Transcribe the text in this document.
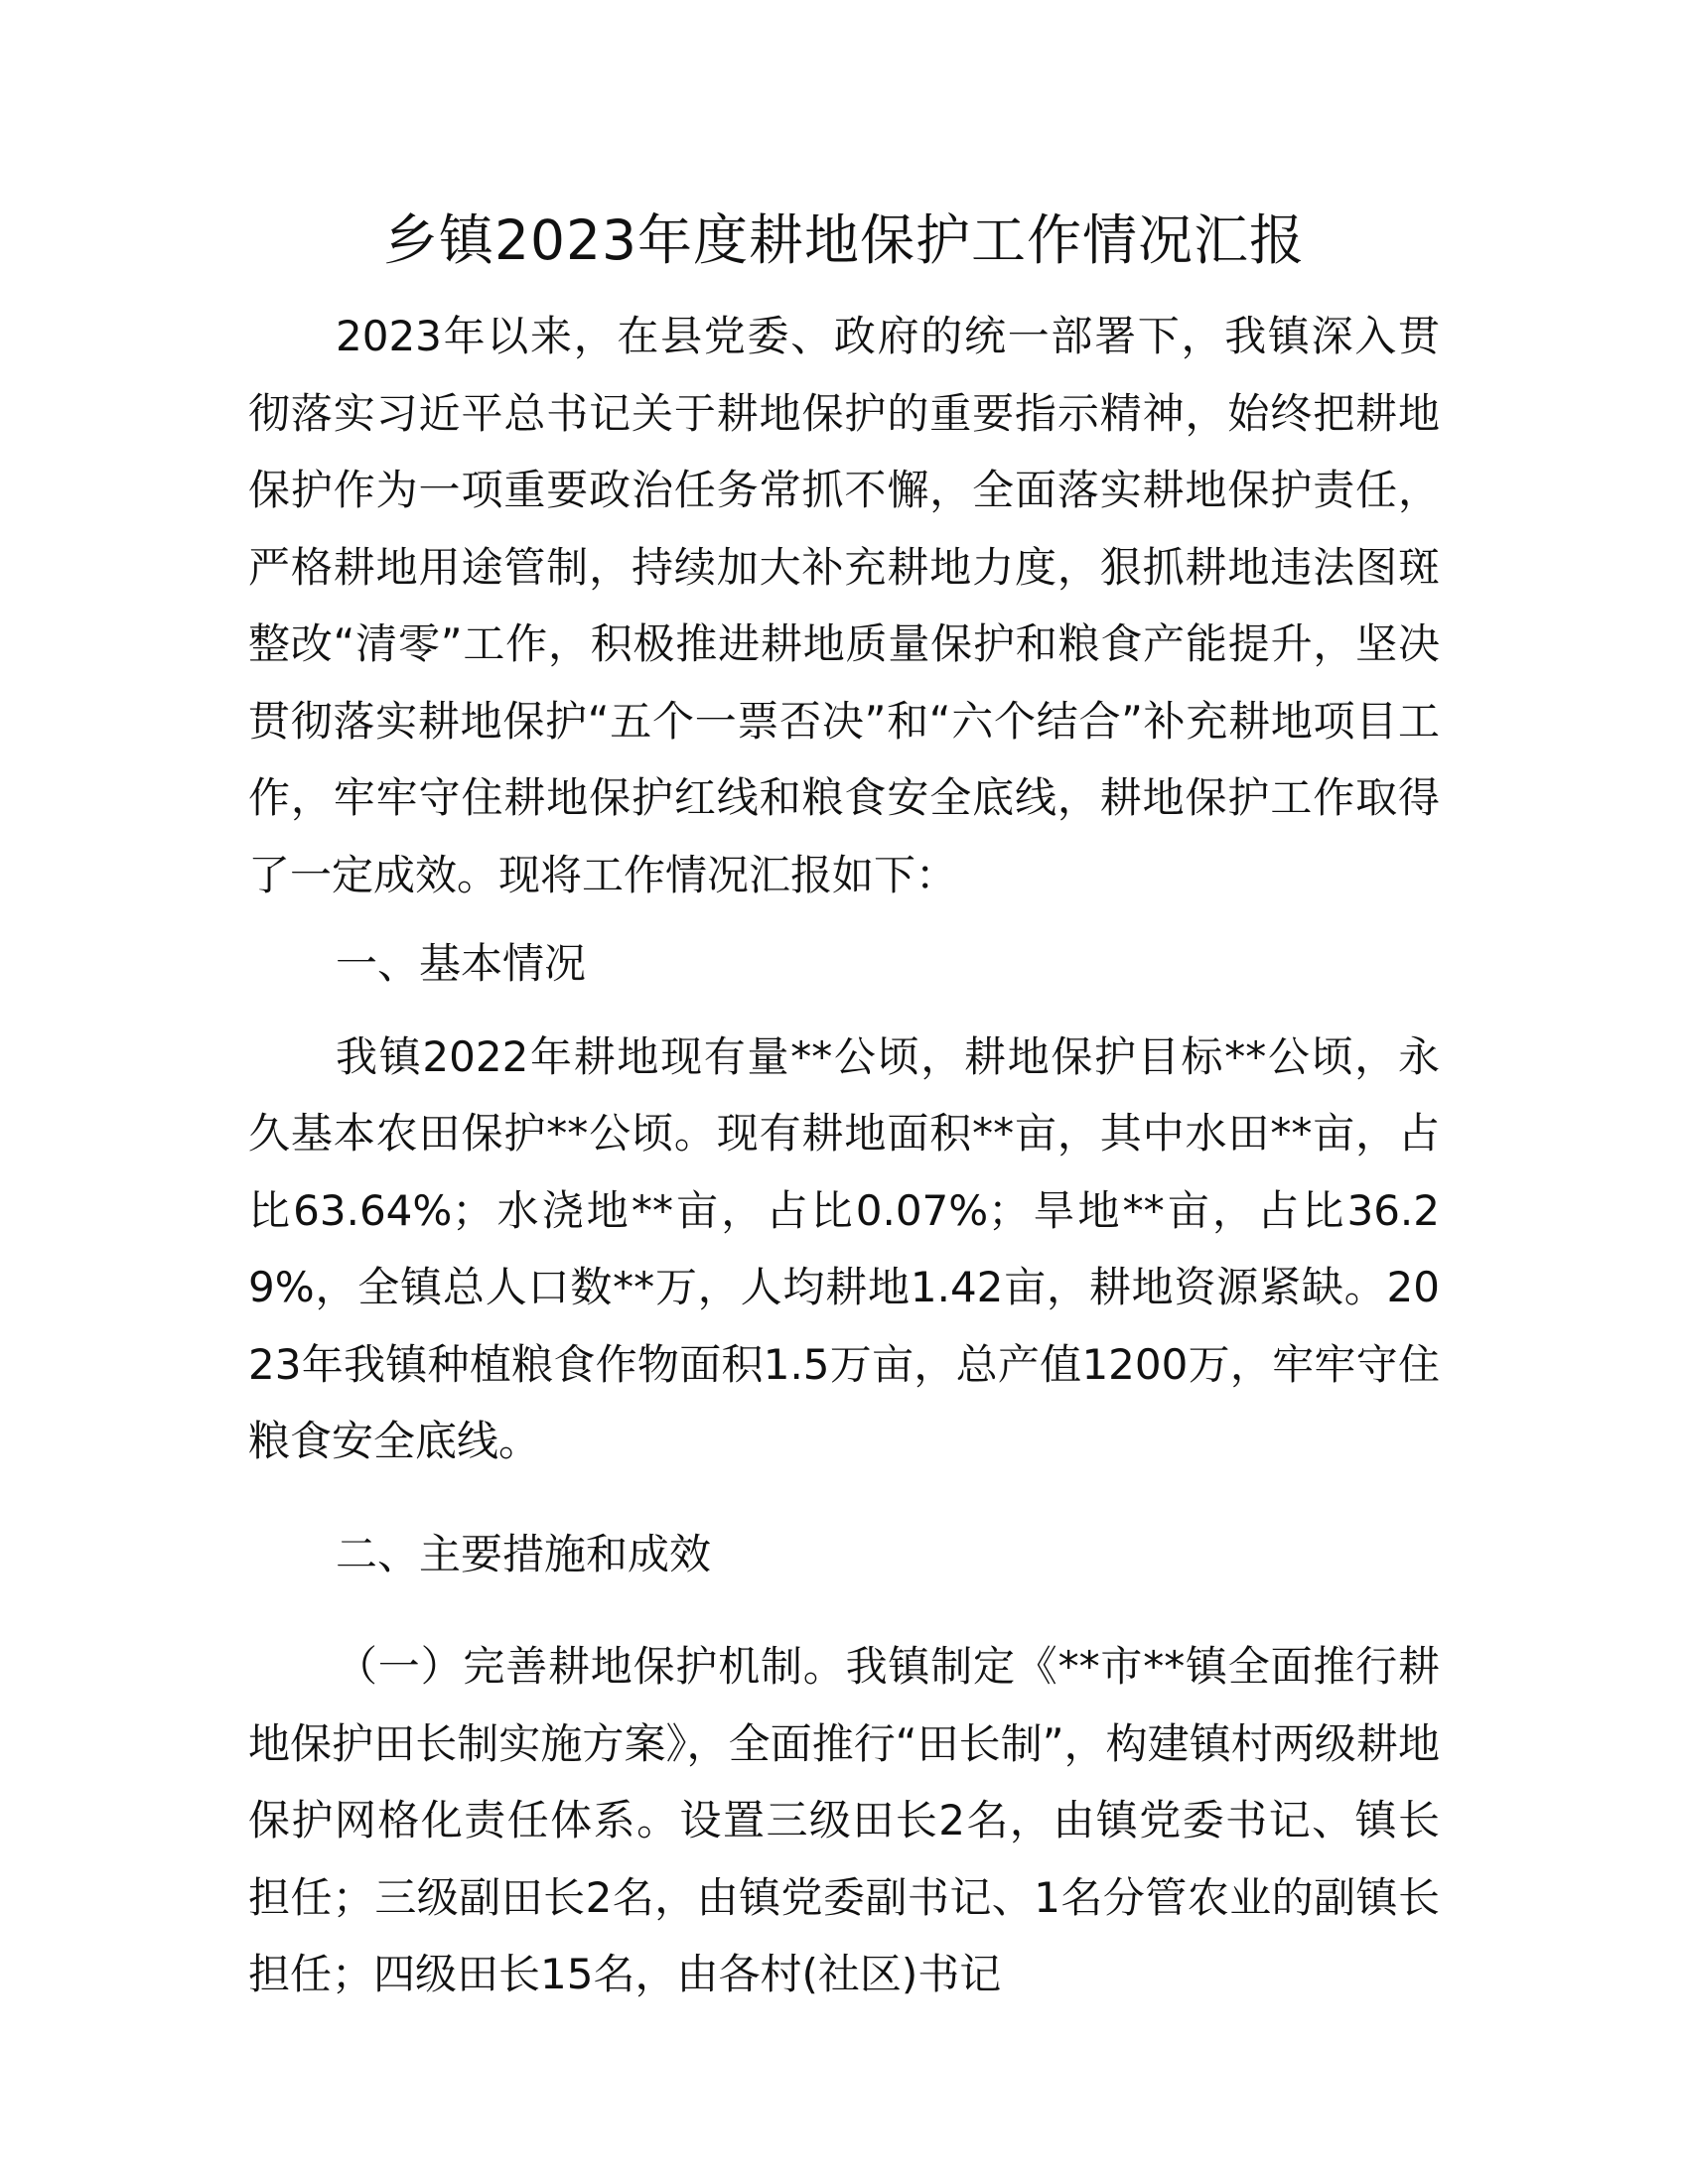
乡镇2023年度耕地保护工作情况汇报

2023年以来，在县党委、政府的统一部署下，我镇深入贯彻落实习近平总书记关于耕地保护的重要指示精神，始终把耕地保护作为一项重要政治任务常抓不懈，全面落实耕地保护责任，严格耕地用途管制，持续加大补充耕地力度，狠抓耕地违法图斑整改“清零”工作，积极推进耕地质量保护和粮食产能提升，坚决贯彻落实耕地保护“五个一票否决”和“六个结合”补充耕地项目工作，牢牢守住耕地保护红线和粮食安全底线，耕地保护工作取得了一定成效。现将工作情况汇报如下：

一、基本情况

我镇2022年耕地现有量**公顷，耕地保护目标**公顷，永久基本农田保护**公顷。现有耕地面积**亩，其中水田**亩，占比63.64%；水浇地**亩，占比0.07%；旱地**亩，占比36.29%，全镇总人口数**万，人均耕地1.42亩，耕地资源紧缺。2023年我镇种植粮食作物面积1.5万亩，总产值1200万，牢牢守住粮食安全底线。

二、主要措施和成效

（一）完善耕地保护机制。我镇制定《**市**镇全面推行耕地保护田长制实施方案》，全面推行“田长制”，构建镇村两级耕地保护网格化责任体系。设置三级田长2名，由镇党委书记、镇长担任；三级副田长2名，由镇党委副书记、1名分管农业的副镇长担任；四级田长15名，由各村(社区)书记
